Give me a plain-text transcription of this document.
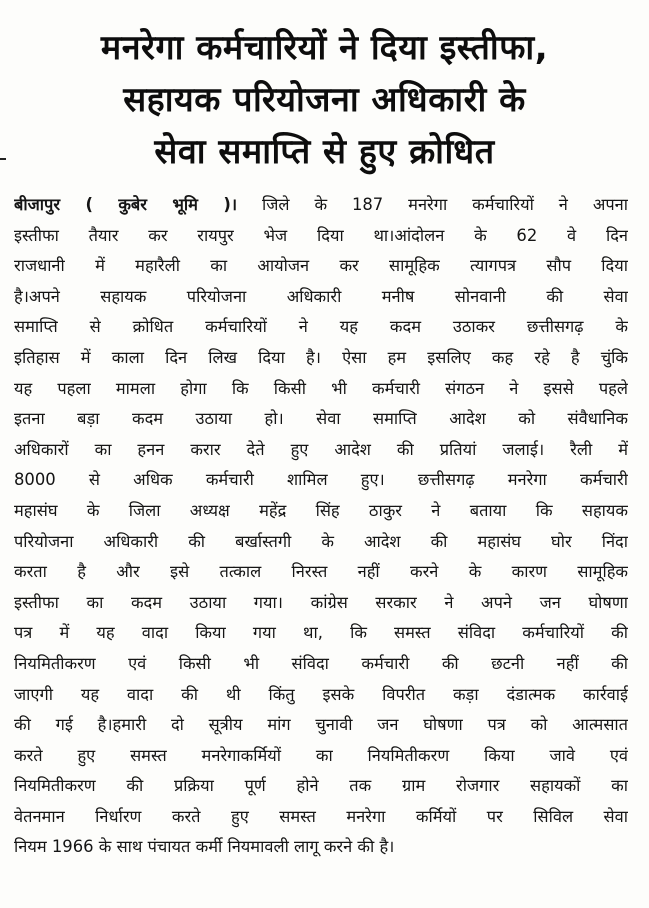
मनरेगा कर्मचारियों ने दिया इस्तीफा,
सहायक परियोजना अधिकारी के
सेवा समाप्ति से हुए क्रोधित
बीजापुर ( कुबेर भूमि )। जिले के 187 मनरेगा कर्मचारियों ने अपना
इस्तीफा तैयार कर रायपुर भेज दिया था।आंदोलन के 62 वे दिन
राजधानी में महारैली का आयोजन कर सामूहिक त्यागपत्र सौप दिया
है।अपने सहायक परियोजना अधिकारी मनीष सोनवानी की सेवा
समाप्ति से क्रोधित कर्मचारियों ने यह कदम उठाकर छत्तीसगढ़ के
इतिहास में काला दिन लिख दिया है। ऐसा हम इसलिए कह रहे है चुंकि
यह पहला मामला होगा कि किसी भी कर्मचारी संगठन ने इससे पहले
इतना बड़ा कदम उठाया हो। सेवा समाप्ति आदेश को संवैधानिक
अधिकारों का हनन करार देते हुए आदेश की प्रतियां जलाई। रैली में
8000 से अधिक कर्मचारी शामिल हुए। छत्तीसगढ़ मनरेगा कर्मचारी
महासंघ के जिला अध्यक्ष महेंद्र सिंह ठाकुर ने बताया कि सहायक
परियोजना अधिकारी की बर्खास्तगी के आदेश की महासंघ घोर निंदा
करता है और इसे तत्काल निरस्त नहीं करने के कारण सामूहिक
इस्तीफा का कदम उठाया गया। कांग्रेस सरकार ने अपने जन घोषणा
पत्र में यह वादा किया गया था, कि समस्त संविदा कर्मचारियों की
नियमितीकरण एवं किसी भी संविदा कर्मचारी की छटनी नहीं की
जाएगी यह वादा की थी किंतु इसके विपरीत कड़ा दंडात्मक कार्रवाई
की गई है।हमारी दो सूत्रीय मांग चुनावी जन घोषणा पत्र को आत्मसात
करते हुए समस्त मनरेगाकर्मियों का नियमितीकरण किया जावे एवं
नियमितीकरण की प्रक्रिया पूर्ण होने तक ग्राम रोजगार सहायकों का
वेतनमान निर्धारण करते हुए समस्त मनरेगा कर्मियों पर सिविल सेवा
नियम 1966 के साथ पंचायत कर्मी नियमावली लागू करने की है।
